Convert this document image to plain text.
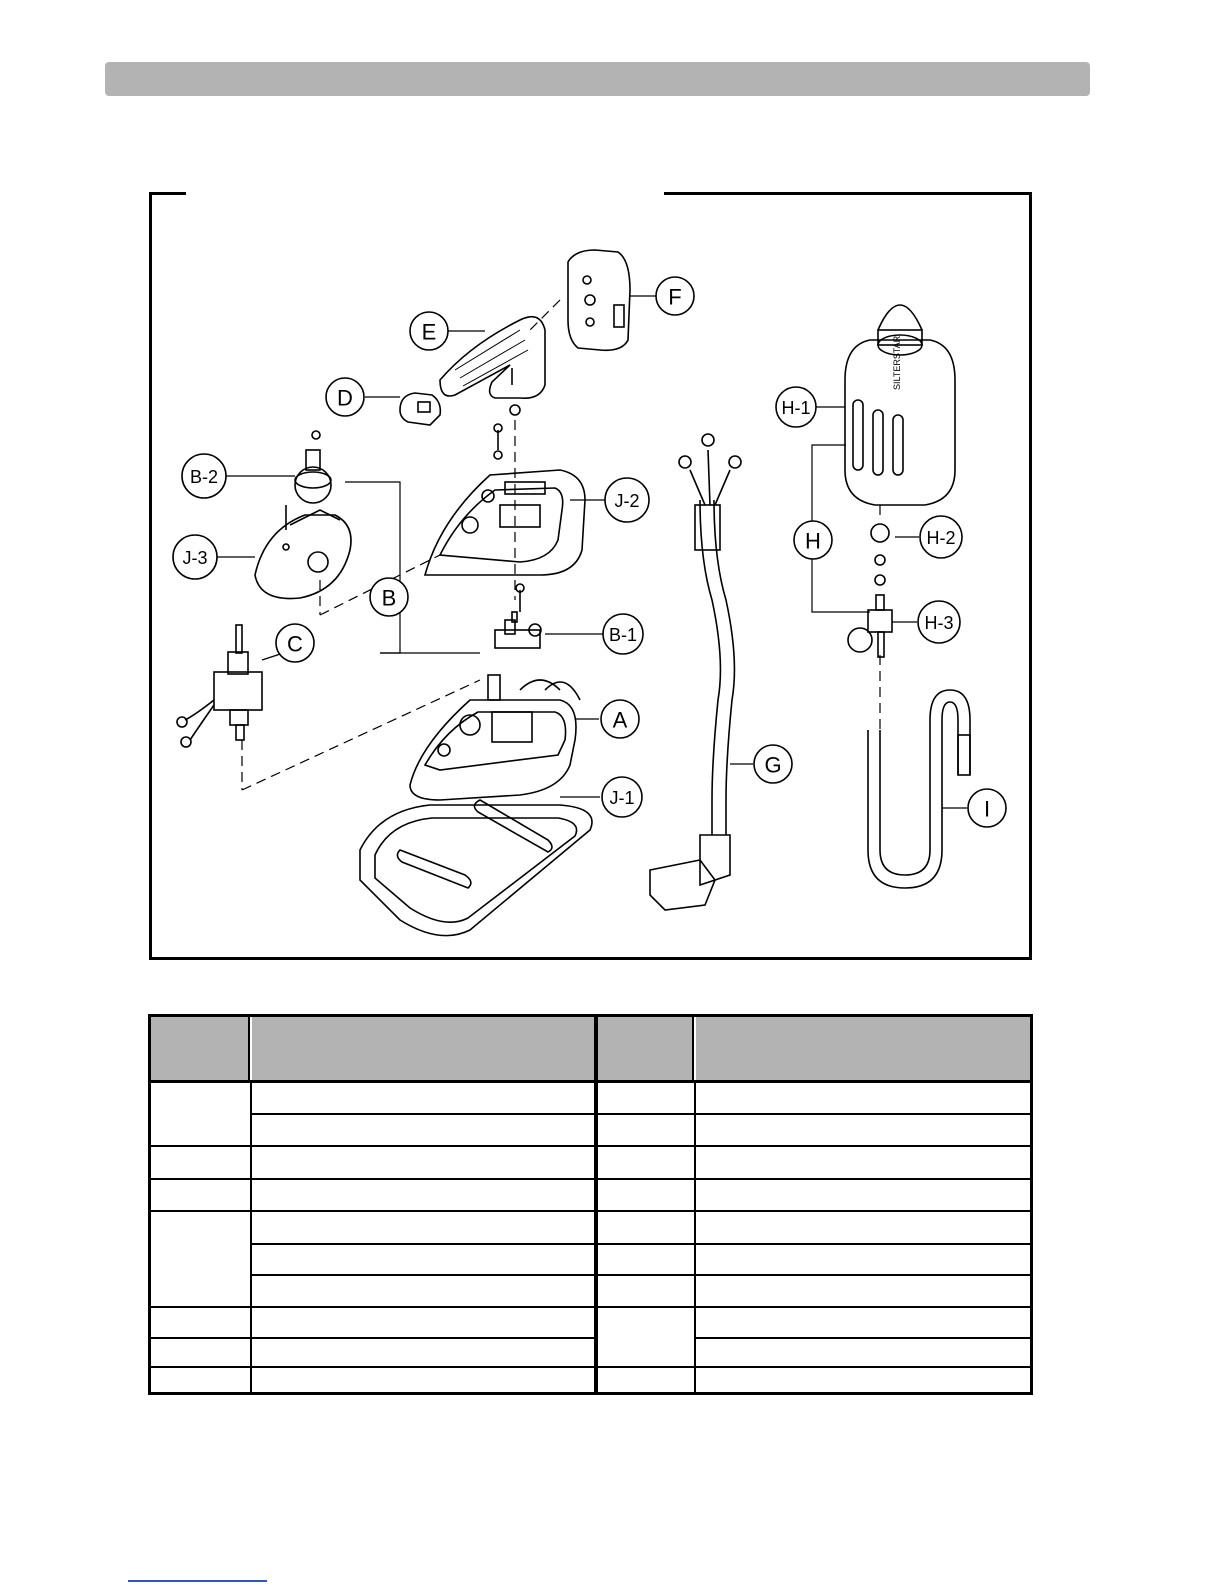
SILTERSTAR
E
F
D
B-2
J-3
C
B
J-2
B-1
A
J-1
G
H-1
H	H-2
H-3
I
